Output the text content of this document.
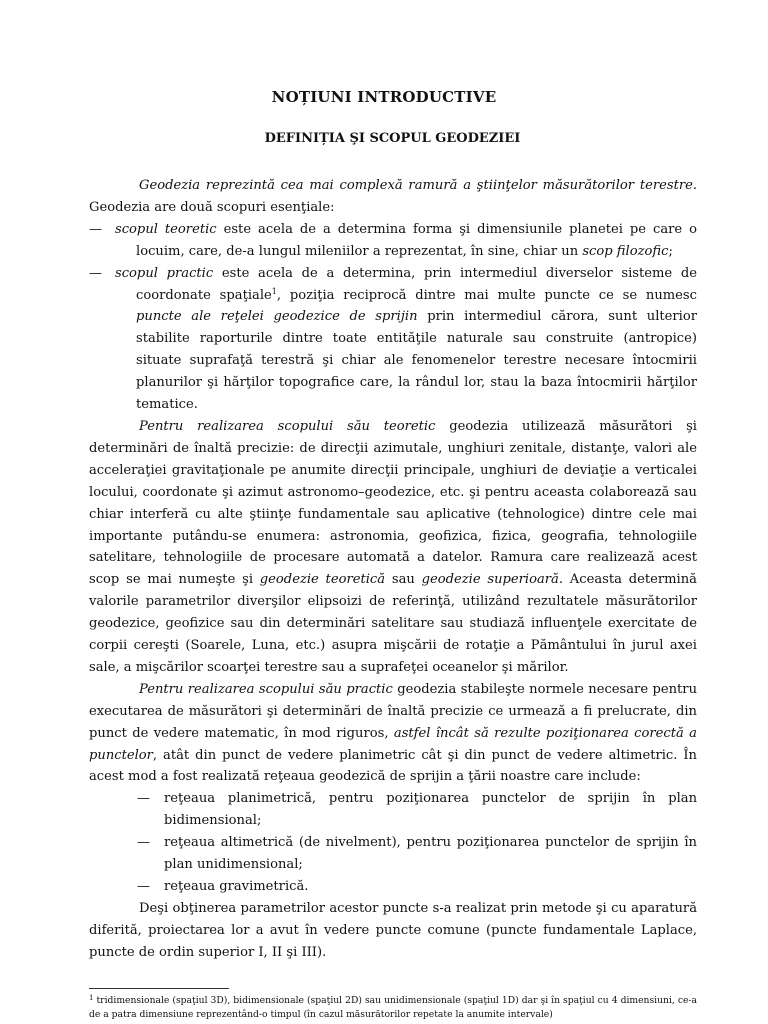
NOȚIUNI INTRODUCTIVE
DEFINIȚIA ŞI SCOPUL GEODEZIEI

Geodezia reprezintă cea mai complexă ramură a ştiinţelor măsurătorilor terestre. Geodezia are două scopuri esenţiale:

— scopul teoretic este acela de a determina forma şi dimensiunile planetei pe care o locuim, care, de-a lungul mileniilor a reprezentat, în sine, chiar un scop filozofic;

— scopul practic este acela de a determina, prin intermediul diverselor sisteme de coordonate spaţiale$^1$, poziţia reciprocă dintre mai multe puncte ce se numesc puncte ale reţelei geodezice de sprijin prin intermediul cărora, sunt ulterior stabilite raporturile dintre toate entităţile naturale sau construite (antropice) situate suprafaţă terestră şi chiar ale fenomenelor terestre necesare întocmirii planurilor şi hărţilor topografice care, la rândul lor, stau la baza întocmirii hărţilor tematice.

Pentru realizarea scopului său teoretic geodezia utilizează măsurători şi determinări de înaltă precizie: de direcţii azimutale, unghiuri zenitale, distanţe, valori ale acceleraţiei gravitaţionale pe anumite direcţii principale, unghiuri de deviaţie a verticalei locului, coordonate şi azimut astronomo–geodezice, etc. şi pentru aceasta colaborează sau chiar interferă cu alte ştiinţe fundamentale sau aplicative (tehnologice) dintre cele mai importante putându-se enumera: astronomia, geofizica, fizica, geografia, tehnologiile satelitare, tehnologiile de procesare automată a datelor. Ramura care realizează acest scop se mai numeşte şi geodezie teoretică sau geodezie superioară. Aceasta determină valorile parametrilor diverşilor elipsoizi de referinţă, utilizând rezultatele măsurătorilor geodezice, geofizice sau din determinări satelitare sau studiază influenţele exercitate de corpii cereşti (Soarele, Luna, etc.) asupra mişcării de rotaţie a Pământului în jurul axei sale, a mişcărilor scoarţei terestre sau a suprafeţei oceanelor şi mărilor.

Pentru realizarea scopului său practic geodezia stabileşte normele necesare pentru executarea de măsurători şi determinări de înaltă precizie ce urmează a fi prelucrate, din punct de vedere matematic, în mod riguros, astfel încât să rezulte poziţionarea corectă a punctelor, atât din punct de vedere planimetric cât şi din punct de vedere altimetric. În acest mod a fost realizată reţeaua geodezică de sprijin a ţării noastre care include:

— reţeaua planimetrică, pentru poziţionarea punctelor de sprijin în plan bidimensional;

— reţeaua altimetrică (de nivelment), pentru poziţionarea punctelor de sprijin în plan unidimensional;

— reţeaua gravimetrică.

Deşi obţinerea parametrilor acestor puncte s-a realizat prin metode şi cu aparatură diferită, proiectarea lor a avut în vedere puncte comune (puncte fundamentale Laplace, puncte de ordin superior I, II şi III).

$^1$ tridimensionale (spaţiul 3D), bidimensionale (spaţiul 2D) sau unidimensionale (spaţiul 1D) dar şi în spaţiul cu 4 dimensiuni, ce-a de a patra dimensiune reprezentând-o timpul (în cazul măsurătorilor repetate la anumite intervale)
